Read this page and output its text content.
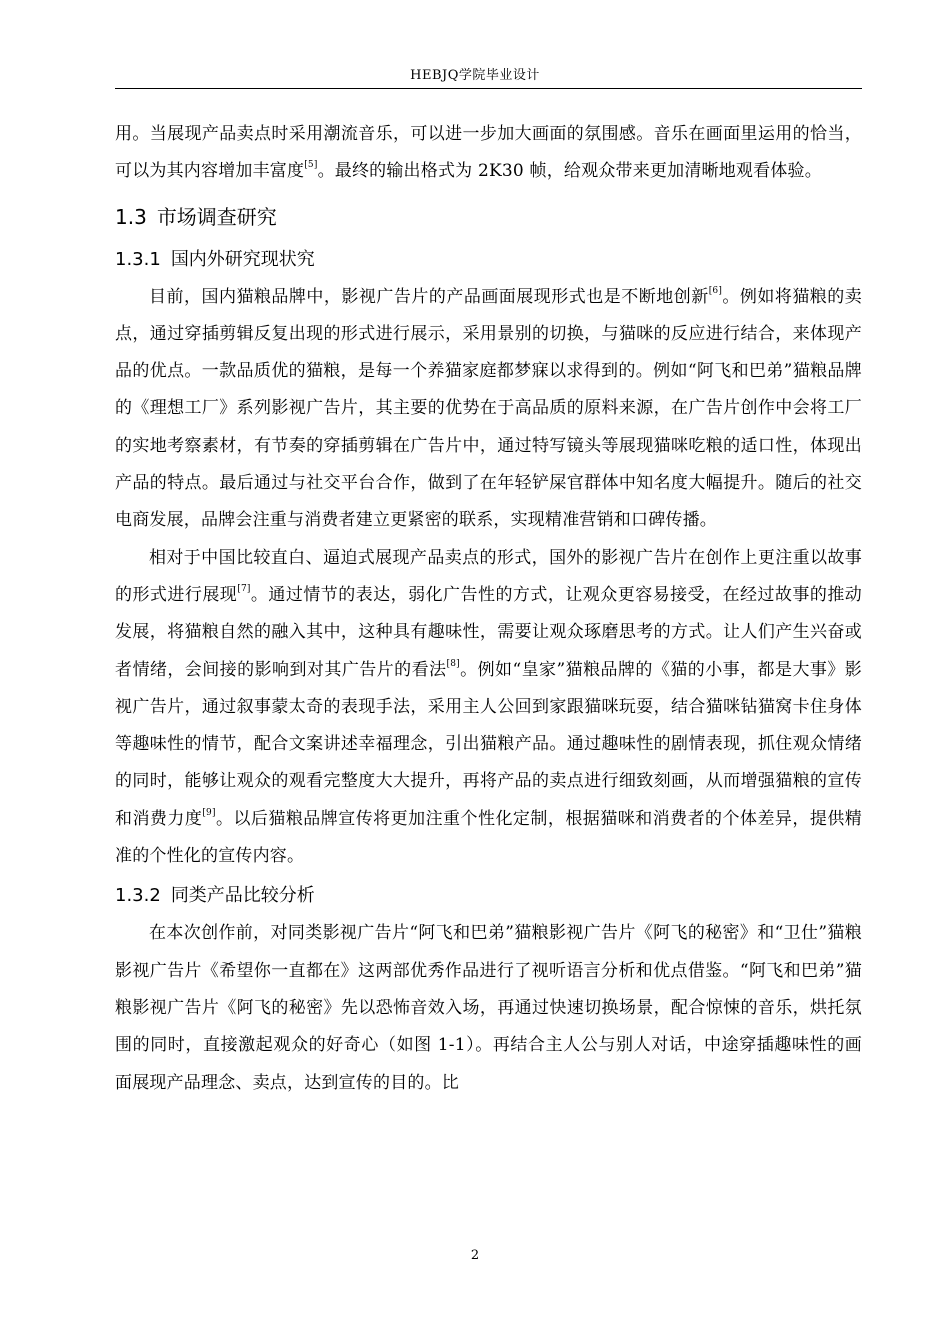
HEBJQ学院毕业设计

用。当展现产品卖点时采用潮流音乐，可以进一步加大画面的氛围感。音乐在画面里运用的恰当，可以为其内容增加丰富度[5]。最终的输出格式为 2K30 帧，给观众带来更加清晰地观看体验。

1.3 市场调查研究
1.3.1 国内外研究现状究

目前，国内猫粮品牌中，影视广告片的产品画面展现形式也是不断地创新[6]。例如将猫粮的卖点，通过穿插剪辑反复出现的形式进行展示，采用景别的切换，与猫咪的反应进行结合，来体现产品的优点。一款品质优的猫粮，是每一个养猫家庭都梦寐以求得到的。例如“阿飞和巴弟”猫粮品牌的《理想工厂》系列影视广告片，其主要的优势在于高品质的原料来源，在广告片创作中会将工厂的实地考察素材，有节奏的穿插剪辑在广告片中，通过特写镜头等展现猫咪吃粮的适口性，体现出产品的特点。最后通过与社交平台合作，做到了在年轻铲屎官群体中知名度大幅提升。随后的社交电商发展，品牌会注重与消费者建立更紧密的联系，实现精准营销和口碑传播。

相对于中国比较直白、逼迫式展现产品卖点的形式，国外的影视广告片在创作上更注重以故事的形式进行展现[7]。通过情节的表达，弱化广告性的方式，让观众更容易接受，在经过故事的推动发展，将猫粮自然的融入其中，这种具有趣味性，需要让观众琢磨思考的方式。让人们产生兴奋或者情绪，会间接的影响到对其广告片的看法[8]。例如“皇家”猫粮品牌的《猫的小事，都是大事》影视广告片，通过叙事蒙太奇的表现手法，采用主人公回到家跟猫咪玩耍，结合猫咪钻猫窝卡住身体等趣味性的情节，配合文案讲述幸福理念，引出猫粮产品。通过趣味性的剧情表现，抓住观众情绪的同时，能够让观众的观看完整度大大提升，再将产品的卖点进行细致刻画，从而增强猫粮的宣传和消费力度[9]。以后猫粮品牌宣传将更加注重个性化定制，根据猫咪和消费者的个体差异，提供精准的个性化的宣传内容。

1.3.2 同类产品比较分析

在本次创作前，对同类影视广告片“阿飞和巴弟”猫粮影视广告片《阿飞的秘密》和“卫仕”猫粮影视广告片《希望你一直都在》这两部优秀作品进行了视听语言分析和优点借鉴。“阿飞和巴弟”猫粮影视广告片《阿飞的秘密》先以恐怖音效入场，再通过快速切换场景，配合惊悚的音乐，烘托氛围的同时，直接激起观众的好奇心（如图 1-1）。再结合主人公与别人对话，中途穿插趣味性的画面展现产品理念、卖点，达到宣传的目的。比

2
